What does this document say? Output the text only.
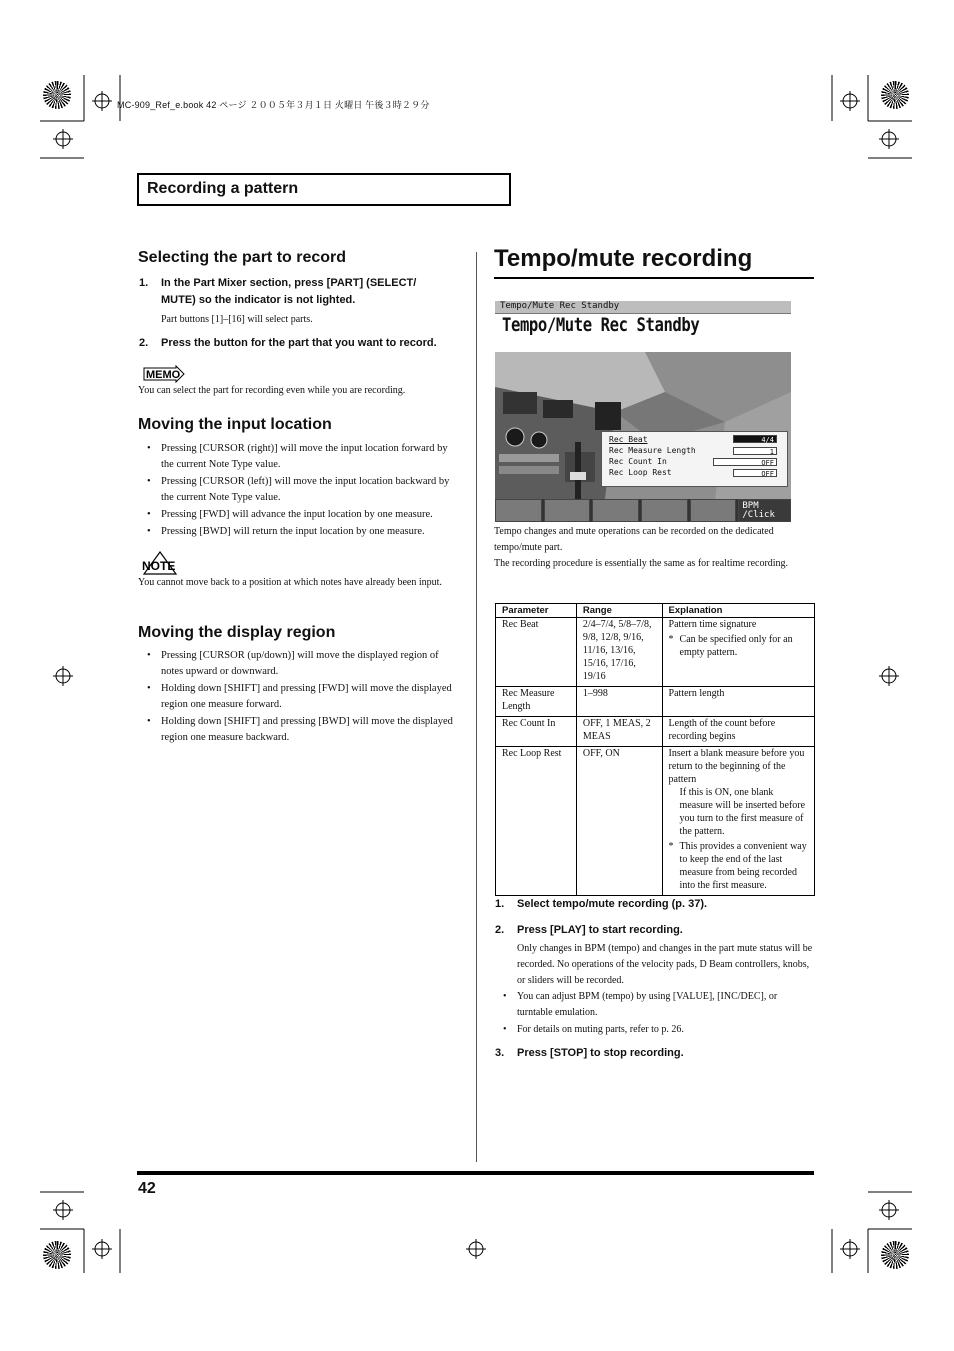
MC-909_Ref_e.book 42 ページ ２００５年３月１日 火曜日 午後３時２９分
Recording a pattern
Selecting the part to record
1. In the Part Mixer section, press [PART] (SELECT/ MUTE) so the indicator is not lighted.
Part buttons [1]–[16] will select parts.
2. Press the button for the part that you want to record.
MEMO
You can select the part for recording even while you are recording.
Moving the input location
• Pressing [CURSOR (right)] will move the input location forward by the current Note Type value.
• Pressing [CURSOR (left)] will move the input location backward by the current Note Type value.
• Pressing [FWD] will advance the input location by one measure.
• Pressing [BWD] will return the input location by one measure.
NOTE
You cannot move back to a position at which notes have already been input.
Moving the display region
• Pressing [CURSOR (up/down)] will move the displayed region of notes upward or downward.
• Holding down [SHIFT] and pressing [FWD] will move the displayed region one measure forward.
• Holding down [SHIFT] and pressing [BWD] will move the displayed region one measure backward.
Tempo/mute recording
Tempo/Mute Rec Standby
Tempo/Mute Rec Standby
Rec Beat	4/4
Rec Measure Length	1
Rec Count In	OFF
Rec Loop Rest	OFF
BPM
/Click
Tempo changes and mute operations can be recorded on the dedicated tempo/mute part.
The recording procedure is essentially the same as for realtime recording.
Parameter	Range	Explanation
Rec Beat	2/4–7/4, 5/8–7/8, 9/8, 12/8, 9/16, 11/16, 13/16, 15/16, 17/16, 19/16	Pattern time signature
* Can be specified only for an empty pattern.

Rec Measure Length	1–998	Pattern length
Rec Count In	OFF, 1 MEAS, 2 MEAS	Length of the count before recording begins
Rec Loop Rest	OFF, ON	Insert a blank measure before you return to the beginning of the pattern
If this is ON, one blank measure will be inserted before you turn to the first measure of the pattern.
* This provides a convenient way to keep the end of the last measure from being recorded into the first measure.
1. Select tempo/mute recording (p. 37).
2. Press [PLAY] to start recording.
Only changes in BPM (tempo) and changes in the part mute status will be recorded. No operations of the velocity pads, D Beam controllers, knobs, or sliders will be recorded.
• You can adjust BPM (tempo) by using [VALUE], [INC/DEC], or turntable emulation.
• For details on muting parts, refer to p. 26.
3. Press [STOP] to stop recording.
42
